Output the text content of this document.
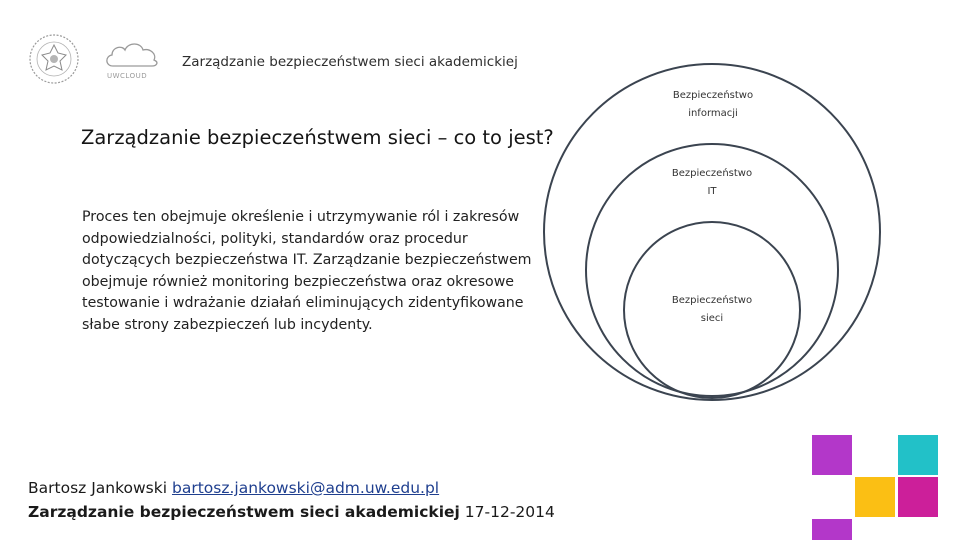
UWCLOUD
Zarządzanie bezpieczeństwem sieci akademickiej
Zarządzanie bezpieczeństwem sieci – co to jest?
Proces ten obejmuje określenie i utrzymywanie ról i zakresów
odpowiedzialności, polityki, standardów oraz procedur
dotyczących bezpieczeństwa IT. Zarządzanie bezpieczeństwem
obejmuje również monitoring bezpieczeństwa oraz okresowe
testowanie i wdrażanie działań eliminujących zidentyfikowane
słabe strony zabezpieczeń lub incydenty.
Bezpieczeństwo
informacji
Bezpieczeństwo
IT
Bezpieczeństwo
sieci
Bartosz Jankowski bartosz.jankowski@adm.uw.edu.pl
Zarządzanie bezpieczeństwem sieci akademickiej 17-12-2014
